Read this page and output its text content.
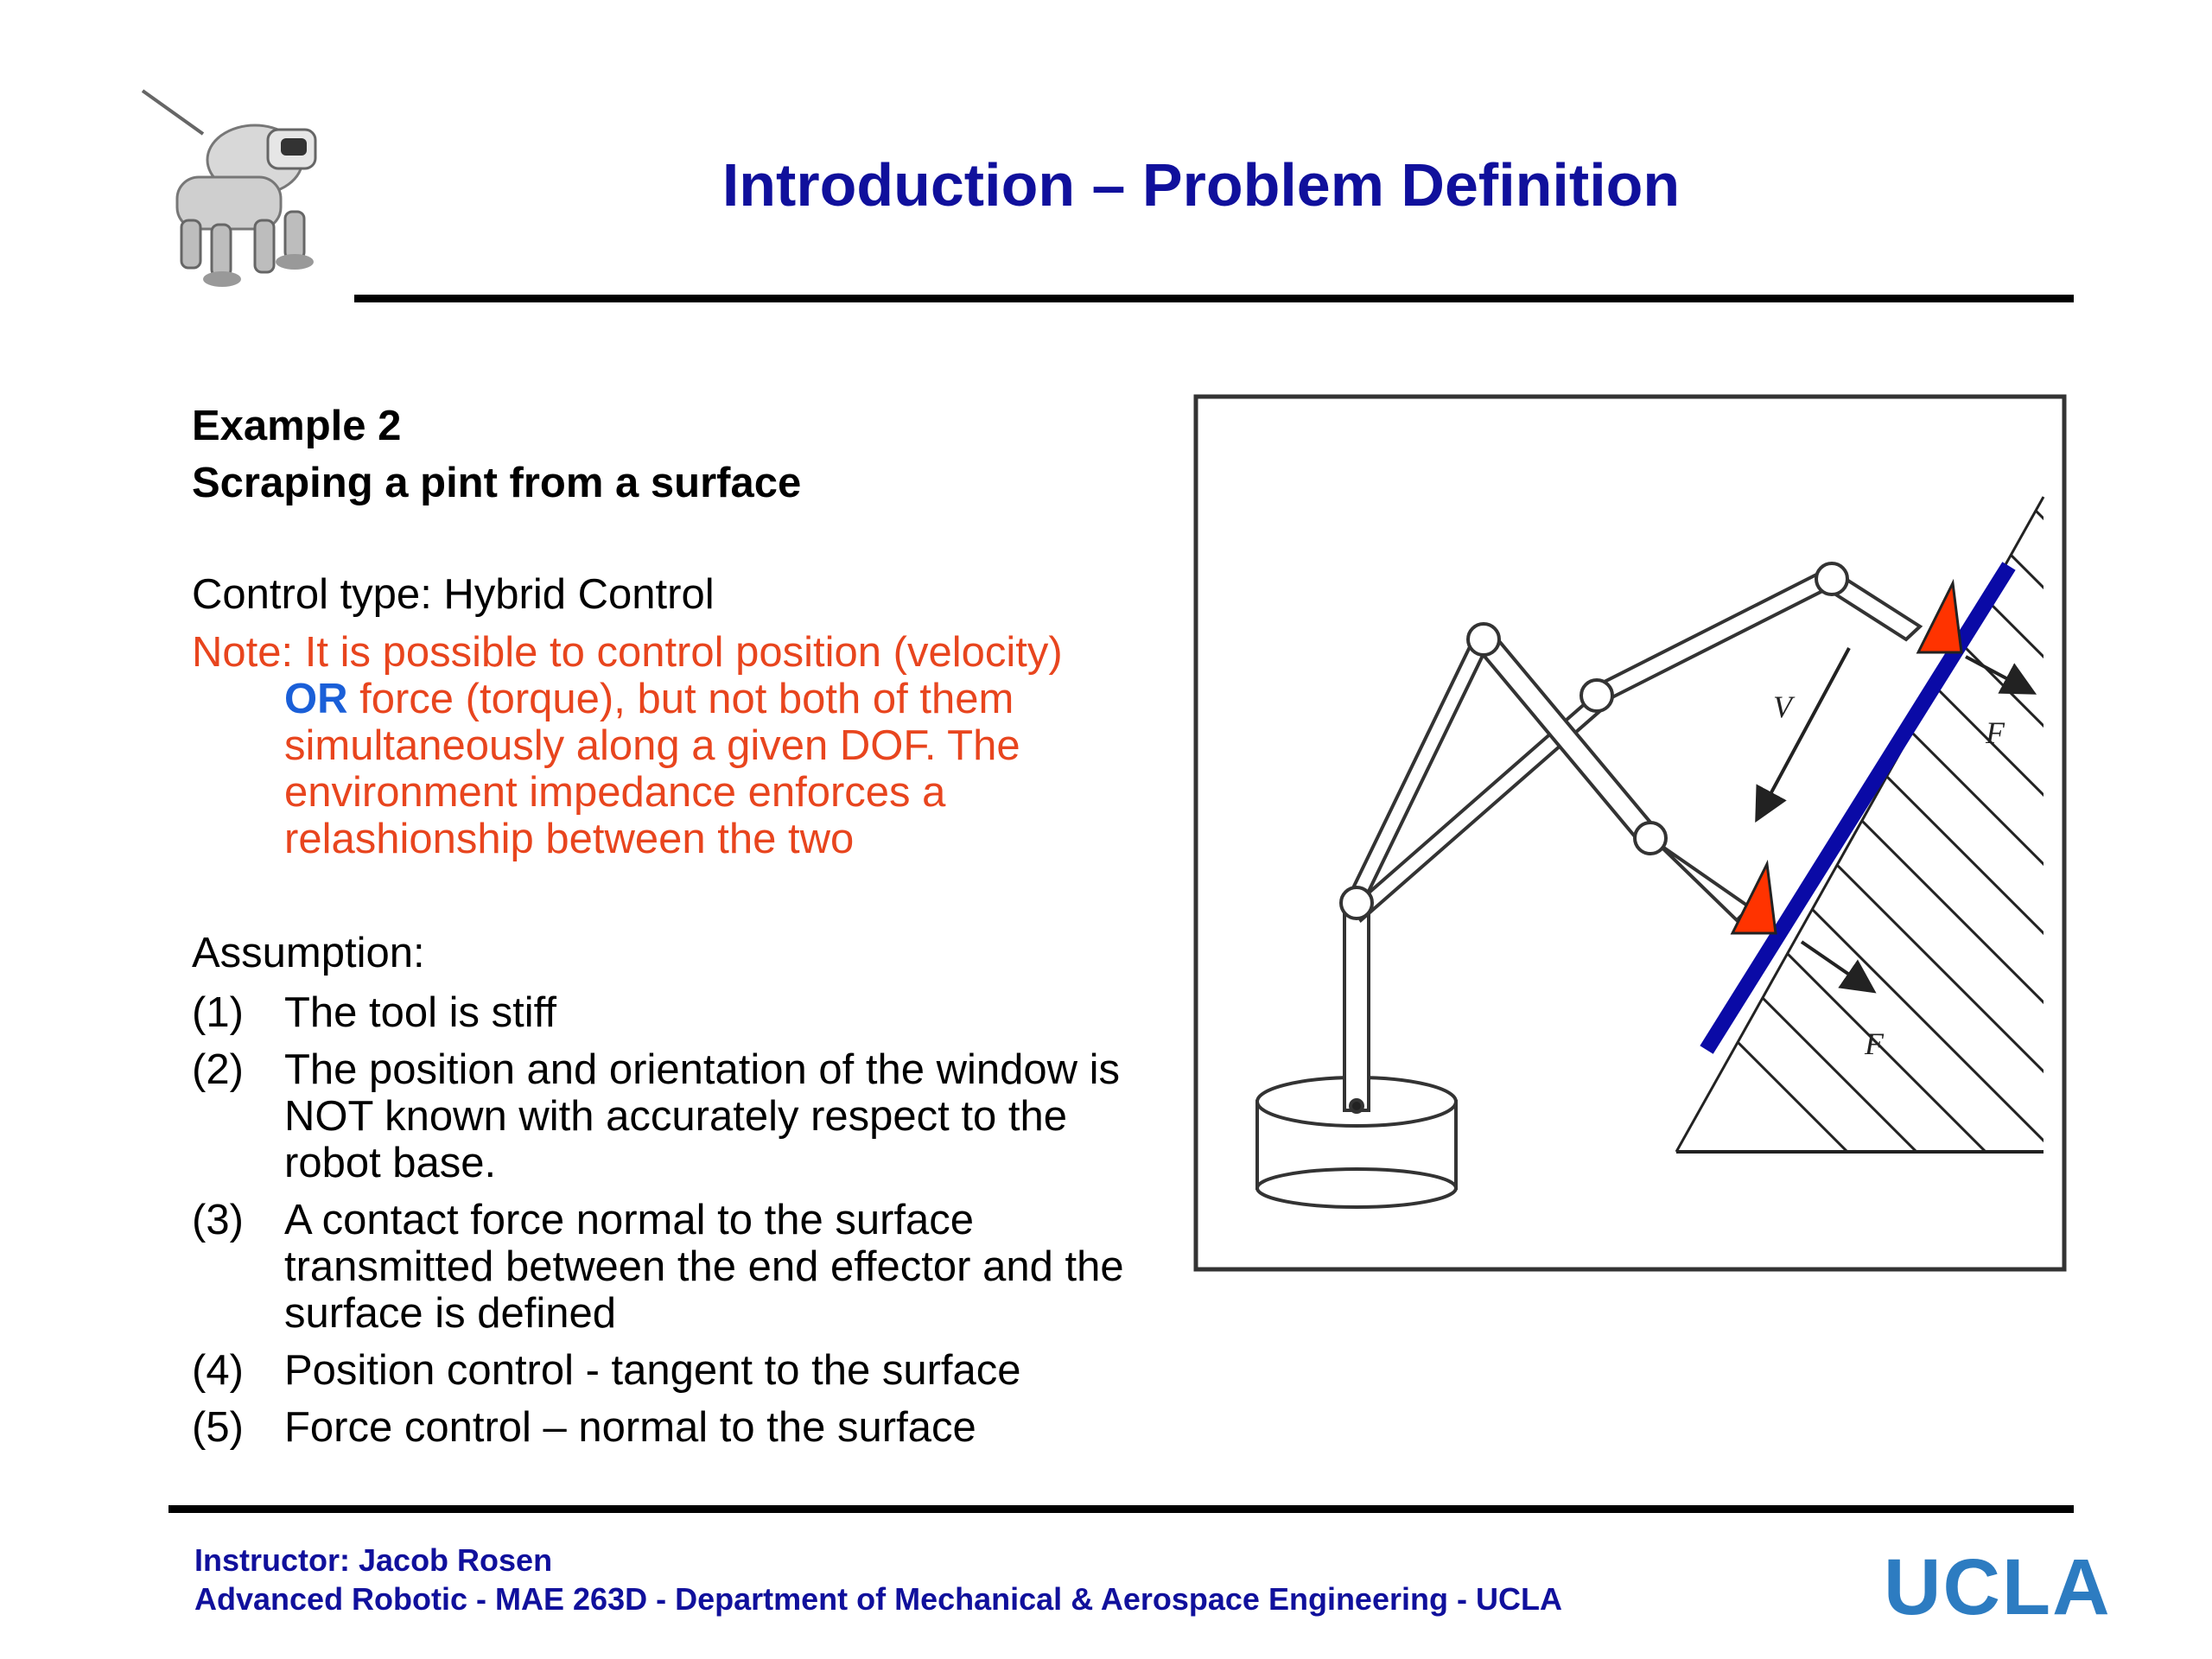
Introduction – Problem Definition
Example 2
Scraping a pint from a surface
Control type: Hybrid Control
Note: It is possible to control position (velocity)
OR force (torque), but not both of them
simultaneously along a given DOF. The
environment impedance enforces a
relashionship between the two
Assumption:
(1) The tool is stiff
(2) The position and orientation of the window is NOT known with accurately respect to the robot base.
(3) A contact force normal to the surface transmitted between the end effector and the surface is defined
(4) Position control - tangent to the surface
(5) Force control – normal to the surface
V
F
F
Instructor: Jacob Rosen
Advanced Robotic - MAE 263D - Department of Mechanical & Aerospace Engineering - UCLA	UCLA
